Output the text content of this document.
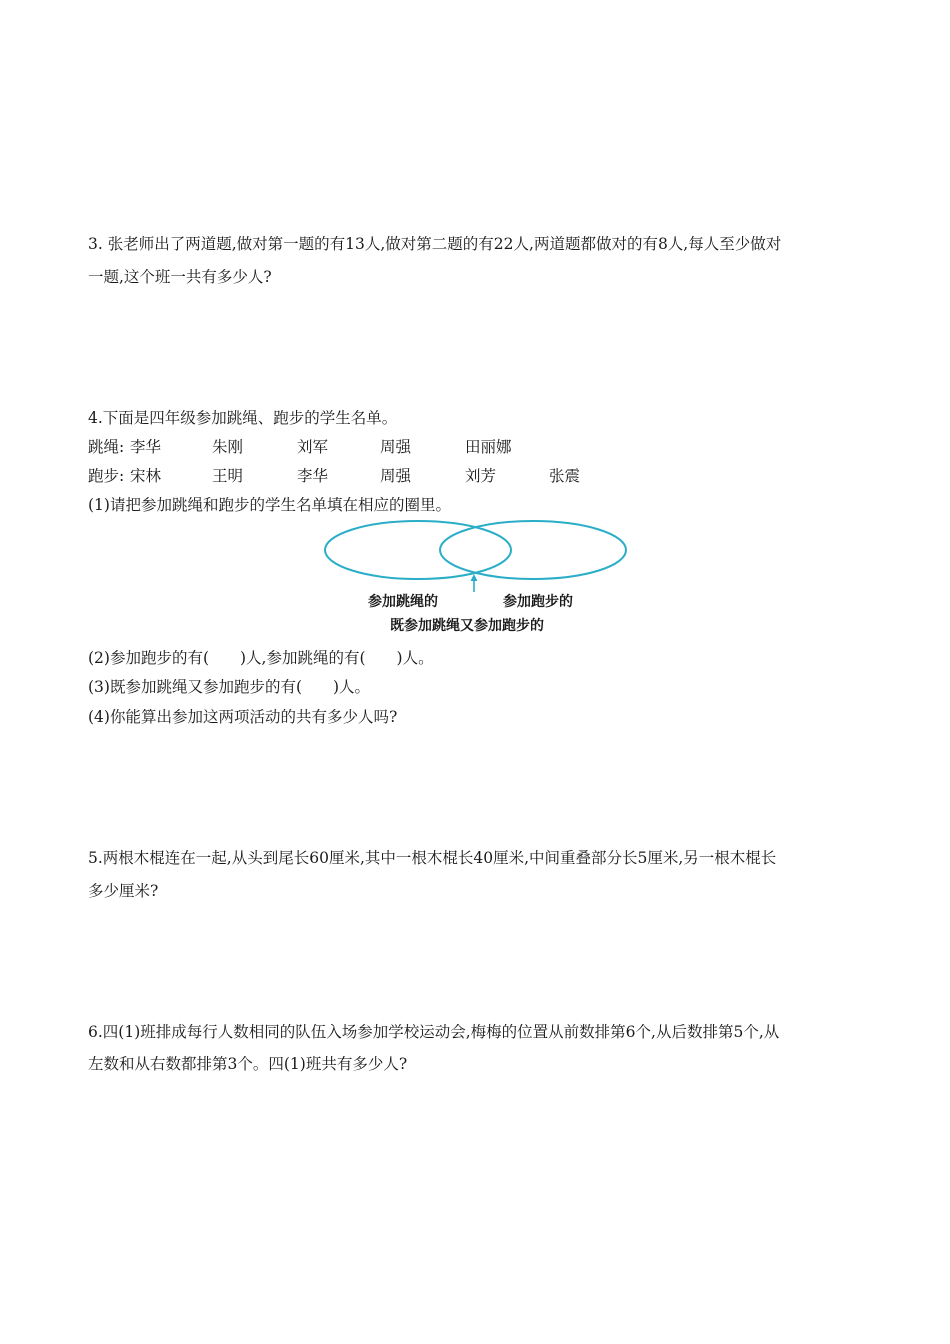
3. 张老师出了两道题,做对第一题的有13人,做对第二题的有22人,两道题都做对的有8人,每人至少做对
一题,这个班一共有多少人?
4.下面是四年级参加跳绳、跑步的学生名单。
跳绳: 李华	朱刚	刘军	周强	田丽娜
跑步: 宋林	王明	李华	周强	刘芳	张震
(1)请把参加跳绳和跑步的学生名单填在相应的圈里。
参加跳绳的	参加跑步的
既参加跳绳又参加跑步的
(2)参加跑步的有(　　)人,参加跳绳的有(　　)人。
(3)既参加跳绳又参加跑步的有(　　)人。
(4)你能算出参加这两项活动的共有多少人吗?
5.两根木棍连在一起,从头到尾长60厘米,其中一根木棍长40厘米,中间重叠部分长5厘米,另一根木棍长
多少厘米?
6.四(1)班排成每行人数相同的队伍入场参加学校运动会,梅梅的位置从前数排第6个,从后数排第5个,从
左数和从右数都排第3个。四(1)班共有多少人?
